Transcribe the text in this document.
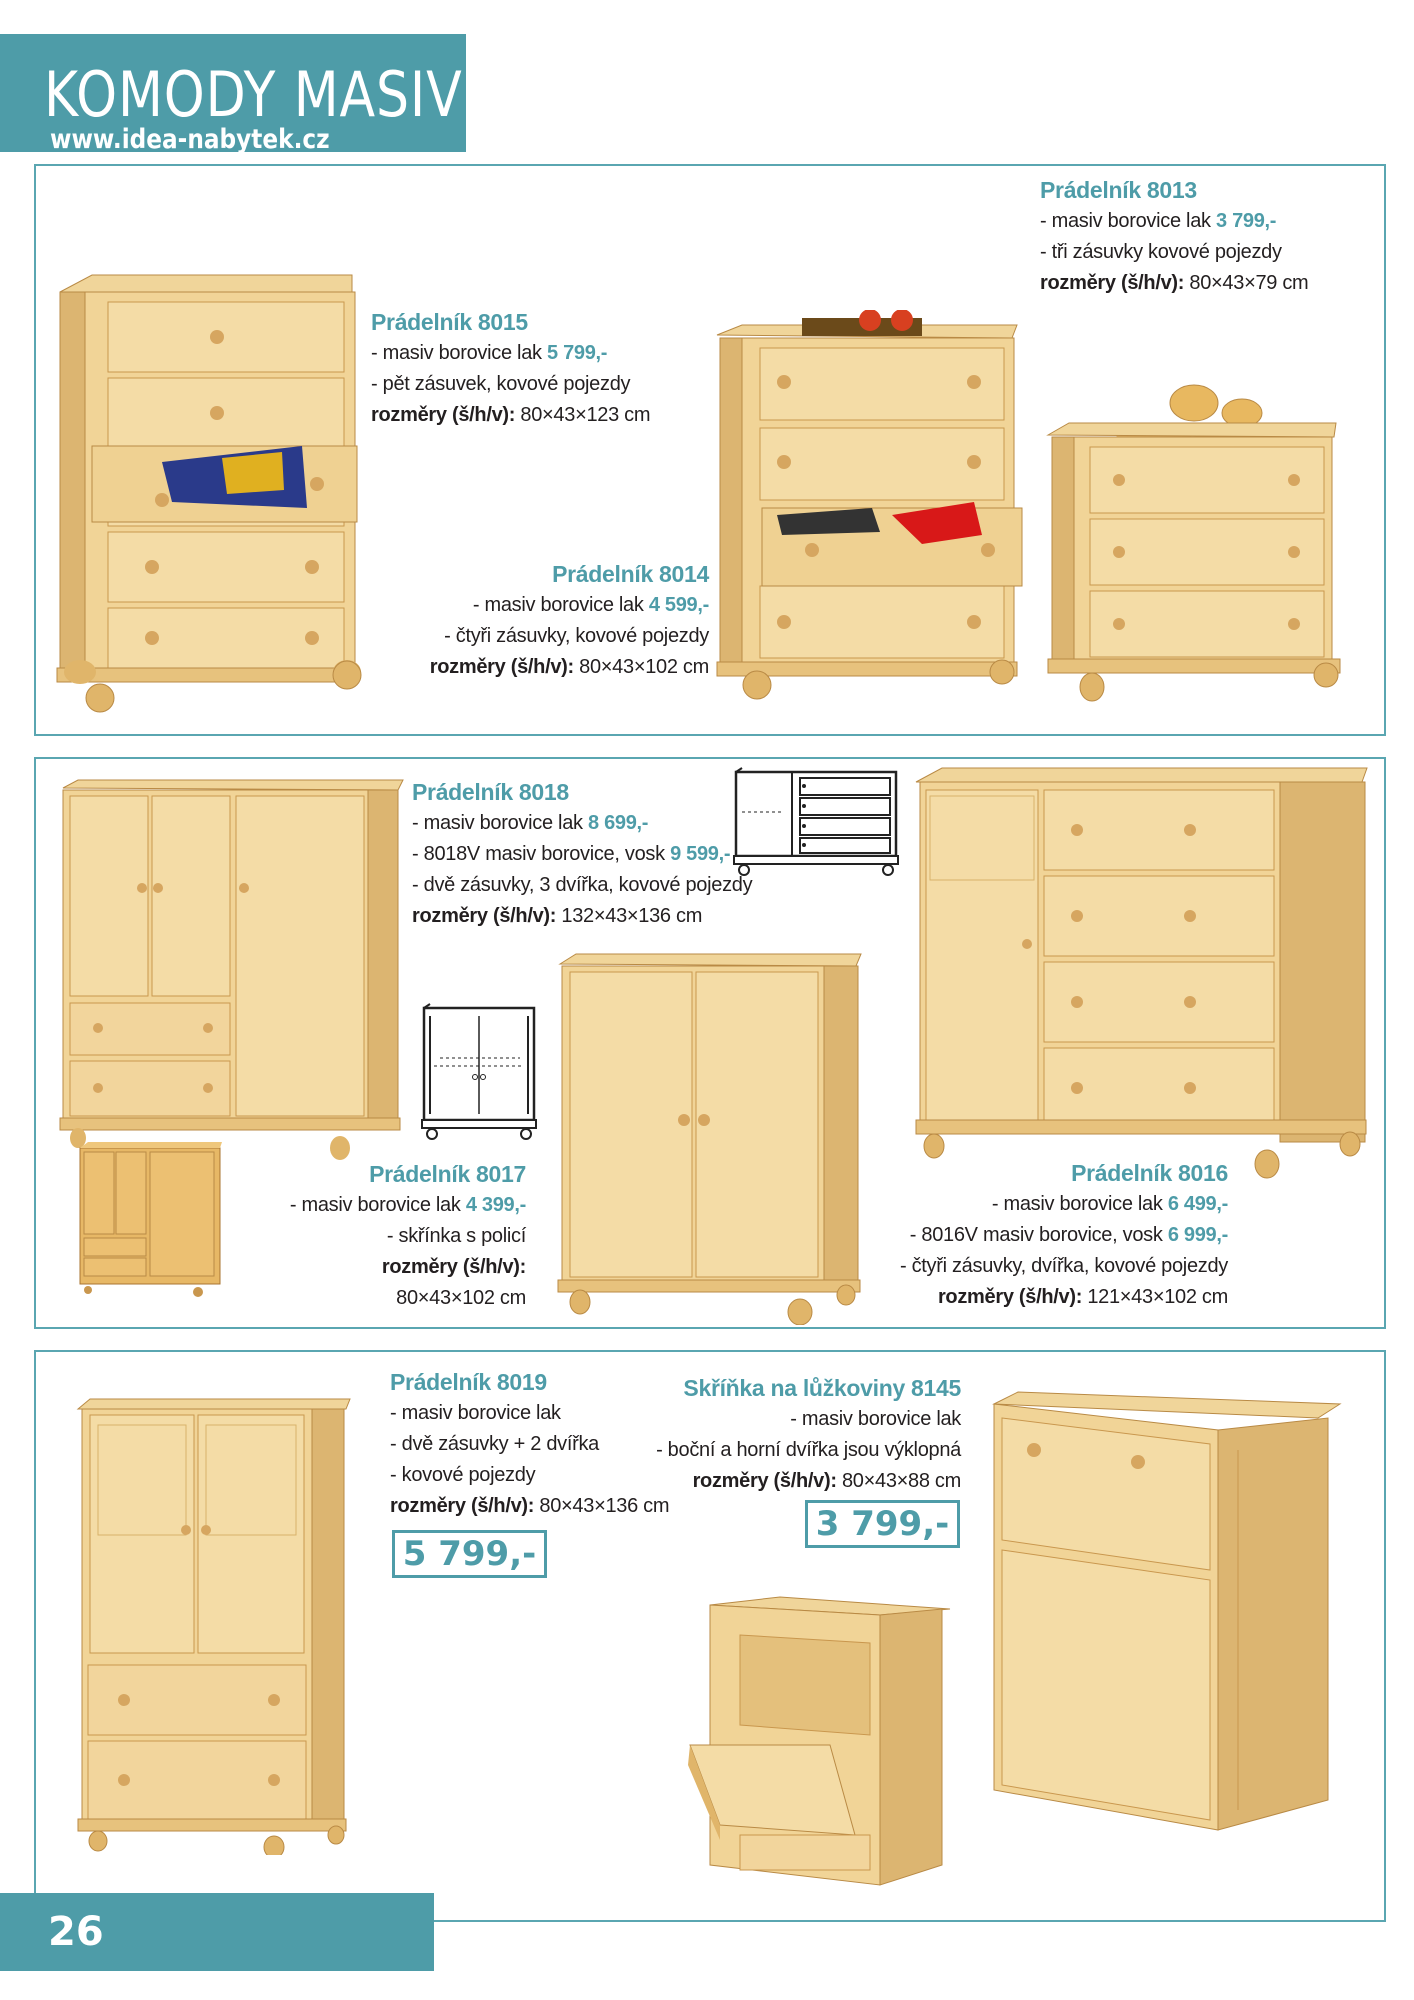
KOMODY MASIV
www.idea-nabytek.cz
Prádelník 8015
- masiv borovice lak 5 799,-
- pět zásuvek, kovové pojezdy
rozměry (š/h/v): 80×43×123 cm
Prádelník 8013
- masiv borovice lak 3 799,-
- tři zásuvky kovové pojezdy
rozměry (š/h/v): 80×43×79 cm
Prádelník 8014
- masiv borovice lak 4 599,-
- čtyři zásuvky, kovové pojezdy
rozměry (š/h/v): 80×43×102 cm
Prádelník 8018
- masiv borovice lak 8 699,-
- 8018V masiv borovice, vosk 9 599,-
- dvě zásuvky, 3 dvířka, kovové pojezdy
rozměry (š/h/v): 132×43×136 cm
Prádelník 8017
- masiv borovice lak 4 399,-
- skřínka s policí
rozměry (š/h/v):
80×43×102 cm
Prádelník 8016
- masiv borovice lak 6 499,-
- 8016V masiv borovice, vosk 6 999,-
- čtyři zásuvky, dvířka, kovové pojezdy
rozměry (š/h/v): 121×43×102 cm
Prádelník 8019
- masiv borovice lak
- dvě zásuvky + 2 dvířka
- kovové pojezdy
rozměry (š/h/v): 80×43×136 cm
5 799,-
Skříňka na lůžkoviny 8145
- masiv borovice lak
- boční a horní dvířka jsou výklopná
rozměry (š/h/v): 80×43×88 cm
3 799,-
26
